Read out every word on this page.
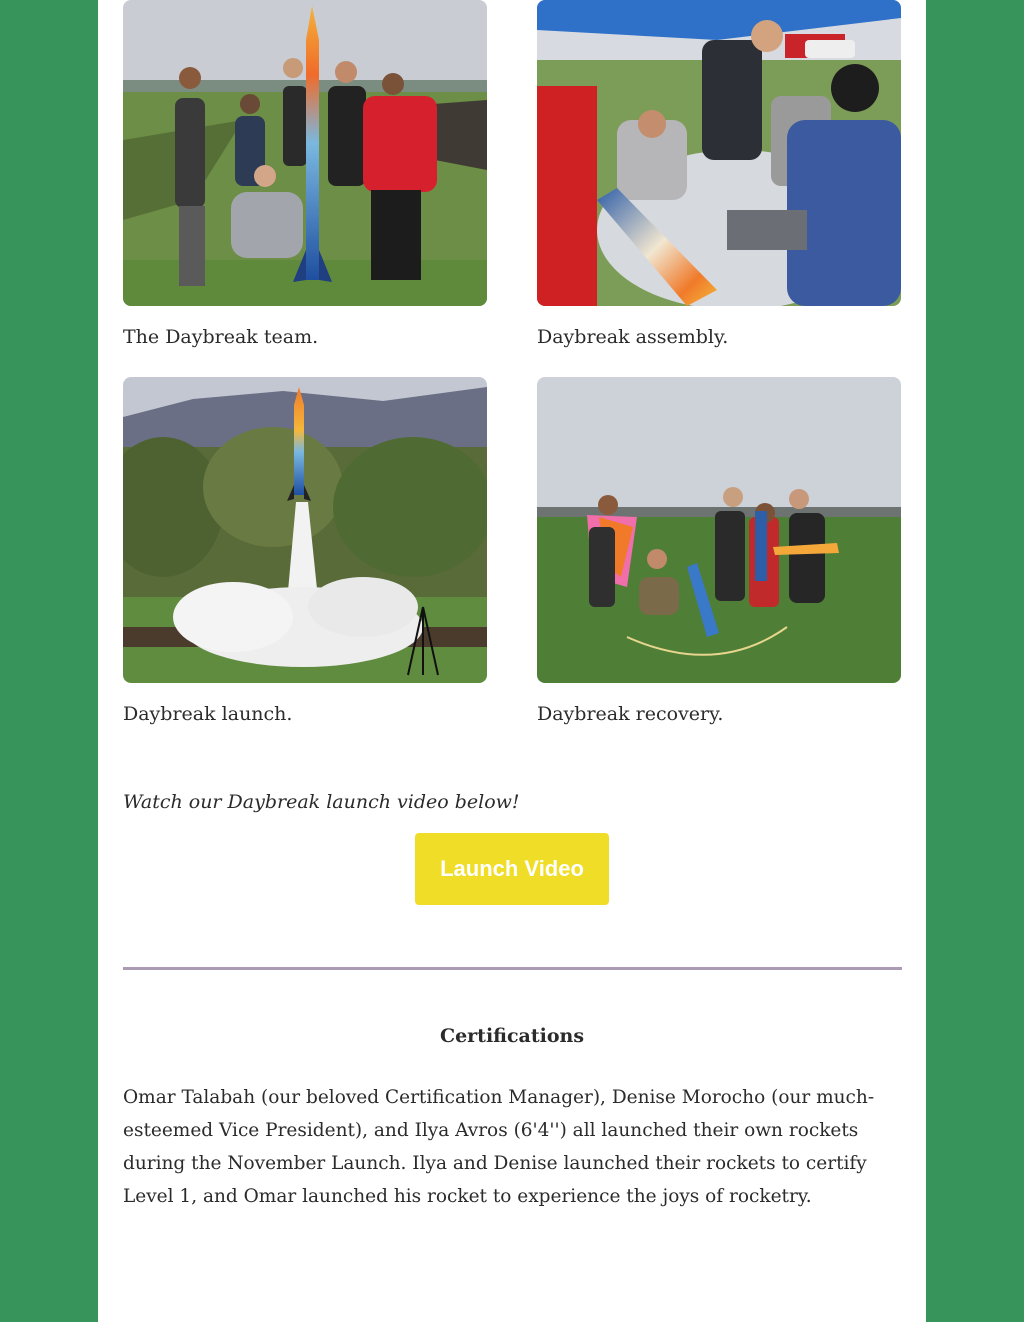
The Daybreak team.	Daybreak assembly.
Daybreak launch.	Daybreak recovery.
Watch our Daybreak launch video below!
Launch Video
Certifications

Omar Talabah (our beloved Certification Manager), Denise Morocho (our much-esteemed Vice President), and Ilya Avros (6'4'') all launched their own rockets during the November Launch. Ilya and Denise launched their rockets to certify Level 1, and Omar launched his rocket to experience the joys of rocketry.
